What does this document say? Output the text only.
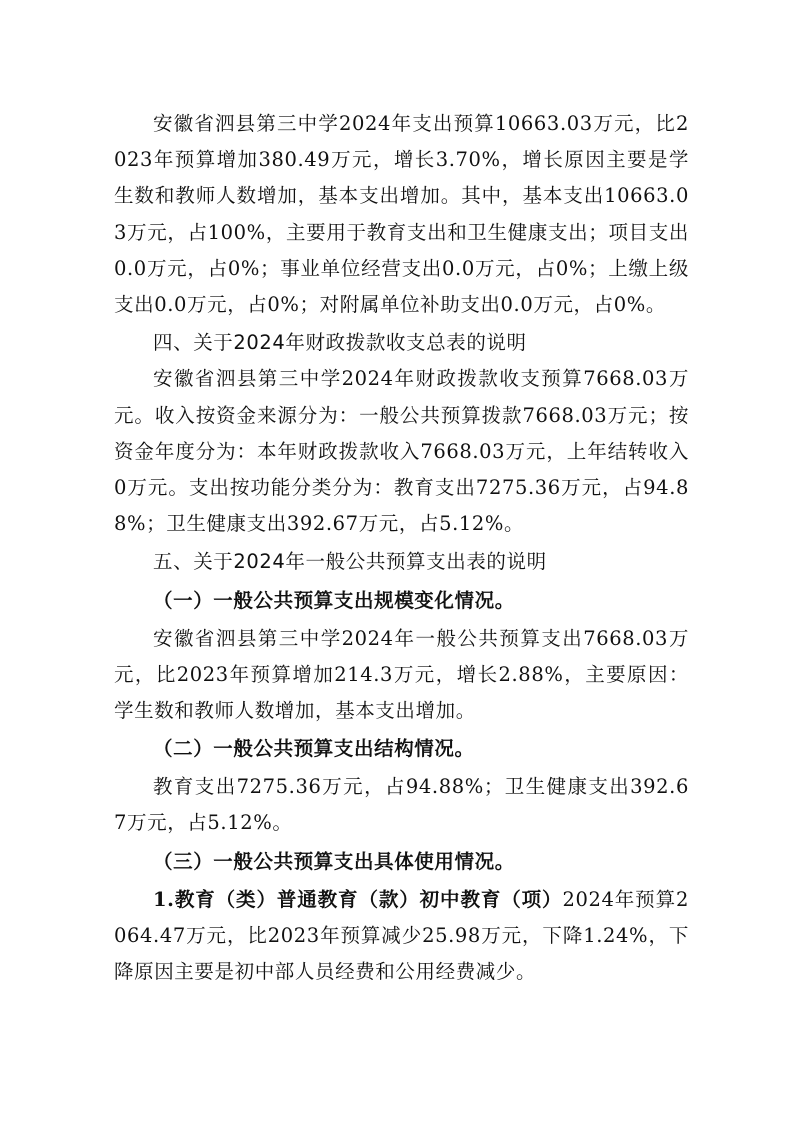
安徽省泗县第三中学2024年支出预算10663.03万元，比2023年预算增加380.49万元，增长3.70%，增长原因主要是学生数和教师人数增加，基本支出增加。其中，基本支出10663.03万元，占100%，主要用于教育支出和卫生健康支出；项目支出0.0万元，占0%；事业单位经营支出0.0万元，占0%；上缴上级支出0.0万元，占0%；对附属单位补助支出0.0万元，占0%。

四、关于2024年财政拨款收支总表的说明

安徽省泗县第三中学2024年财政拨款收支预算7668.03万元。收入按资金来源分为：一般公共预算拨款7668.03万元；按资金年度分为：本年财政拨款收入7668.03万元，上年结转收入0万元。支出按功能分类分为：教育支出7275.36万元，占94.88%；卫生健康支出392.67万元，占5.12%。

五、关于2024年一般公共预算支出表的说明

（一）一般公共预算支出规模变化情况。

安徽省泗县第三中学2024年一般公共预算支出7668.03万元，比2023年预算增加214.3万元，增长2.88%，主要原因：学生数和教师人数增加，基本支出增加。

（二）一般公共预算支出结构情况。

教育支出7275.36万元，占94.88%；卫生健康支出392.67万元，占5.12%。

（三）一般公共预算支出具体使用情况。

1.教育（类）普通教育（款）初中教育（项）2024年预算2064.47万元，比2023年预算减少25.98万元，下降1.24%，下降原因主要是初中部人员经费和公用经费减少。
